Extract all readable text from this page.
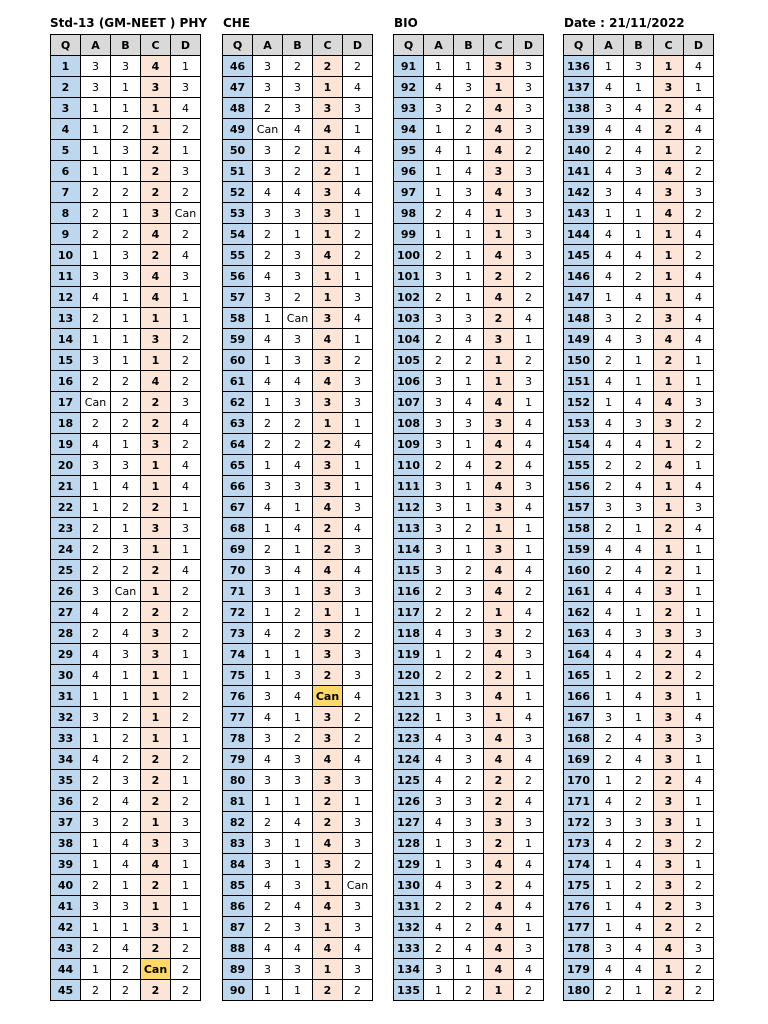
Std-13 (GM-NEET ) PHY CHE	BIO	Date : 21/11/2022
Q	A	B	C	D
1	3	3	4	1
2	3	1	3	3
3	1	1	1	4
4	1	2	1	2
5	1	3	2	1
6	1	1	2	3
7	2	2	2	2
8	2	1	3	Can
9	2	2	4	2
10	1	3	2	4
11	3	3	4	3
12	4	1	4	1
13	2	1	1	1
14	1	1	3	2
15	3	1	1	2
16	2	2	4	2
17	Can	2	2	3
18	2	2	2	4
19	4	1	3	2
20	3	3	1	4
21	1	4	1	4
22	1	2	2	1
23	2	1	3	3
24	2	3	1	1
25	2	2	2	4
26	3	Can	1	2
27	4	2	2	2
28	2	4	3	2
29	4	3	3	1
30	4	1	1	1
31	1	1	1	2
32	3	2	1	2
33	1	2	1	1
34	4	2	2	2
35	2	3	2	1
36	2	4	2	2
37	3	2	1	3
38	1	4	3	3
39	1	4	4	1
40	2	1	2	1
41	3	3	1	1
42	1	1	3	1
43	2	4	2	2
44	1	2	Can	2
45	2	2	2	2
Q	A	B	C	D
46	3	2	2	2
47	3	3	1	4
48	2	3	3	3
49	Can	4	4	1
50	3	2	1	4
51	3	2	2	1
52	4	4	3	4
53	3	3	3	1
54	2	1	1	2
55	2	3	4	2
56	4	3	1	1
57	3	2	1	3
58	1	Can	3	4
59	4	3	4	1
60	1	3	3	2
61	4	4	4	3
62	1	3	3	3
63	2	2	1	1
64	2	2	2	4
65	1	4	3	1
66	3	3	3	1
67	4	1	4	3
68	1	4	2	4
69	2	1	2	3
70	3	4	4	4
71	3	1	3	3
72	1	2	1	1
73	4	2	3	2
74	1	1	3	3
75	1	3	2	3
76	3	4	Can	4
77	4	1	3	2
78	3	2	3	2
79	4	3	4	4
80	3	3	3	3
81	1	1	2	1
82	2	4	2	3
83	3	1	4	3
84	3	1	3	2
85	4	3	1	Can
86	2	4	4	3
87	2	3	1	3
88	4	4	4	4
89	3	3	1	3
90	1	1	2	2
Q	A	B	C	D
91	1	1	3	3
92	4	3	1	3
93	3	2	4	3
94	1	2	4	3
95	4	1	4	2
96	1	4	3	3
97	1	3	4	3
98	2	4	1	3
99	1	1	1	3
100	2	1	4	3
101	3	1	2	2
102	2	1	4	2
103	3	3	2	4
104	2	4	3	1
105	2	2	1	2
106	3	1	1	3
107	3	4	4	1
108	3	3	3	4
109	3	1	4	4
110	2	4	2	4
111	3	1	4	3
112	3	1	3	4
113	3	2	1	1
114	3	1	3	1
115	3	2	4	4
116	2	3	4	2
117	2	2	1	4
118	4	3	3	2
119	1	2	4	3
120	2	2	2	1
121	3	3	4	1
122	1	3	1	4
123	4	3	4	3
124	4	3	4	4
125	4	2	2	2
126	3	3	2	4
127	4	3	3	3
128	1	3	2	1
129	1	3	4	4
130	4	3	2	4
131	2	2	4	4
132	4	2	4	1
133	2	4	4	3
134	3	1	4	4
135	1	2	1	2
Q	A	B	C	D
136	1	3	1	4
137	4	1	3	1
138	3	4	2	4
139	4	4	2	4
140	2	4	1	2
141	4	3	4	2
142	3	4	3	3
143	1	1	4	2
144	4	1	1	4
145	4	4	1	2
146	4	2	1	4
147	1	4	1	4
148	3	2	3	4
149	4	3	4	4
150	2	1	2	1
151	4	1	1	1
152	1	4	4	3
153	4	3	3	2
154	4	4	1	2
155	2	2	4	1
156	2	4	1	4
157	3	3	1	3
158	2	1	2	4
159	4	4	1	1
160	2	4	2	1
161	4	4	3	1
162	4	1	2	1
163	4	3	3	3
164	4	4	2	4
165	1	2	2	2
166	1	4	3	1
167	3	1	3	4
168	2	4	3	3
169	2	4	3	1
170	1	2	2	4
171	4	2	3	1
172	3	3	3	1
173	4	2	3	2
174	1	4	3	1
175	1	2	3	2
176	1	4	2	3
177	1	4	2	2
178	3	4	4	3
179	4	4	1	2
180	2	1	2	2
